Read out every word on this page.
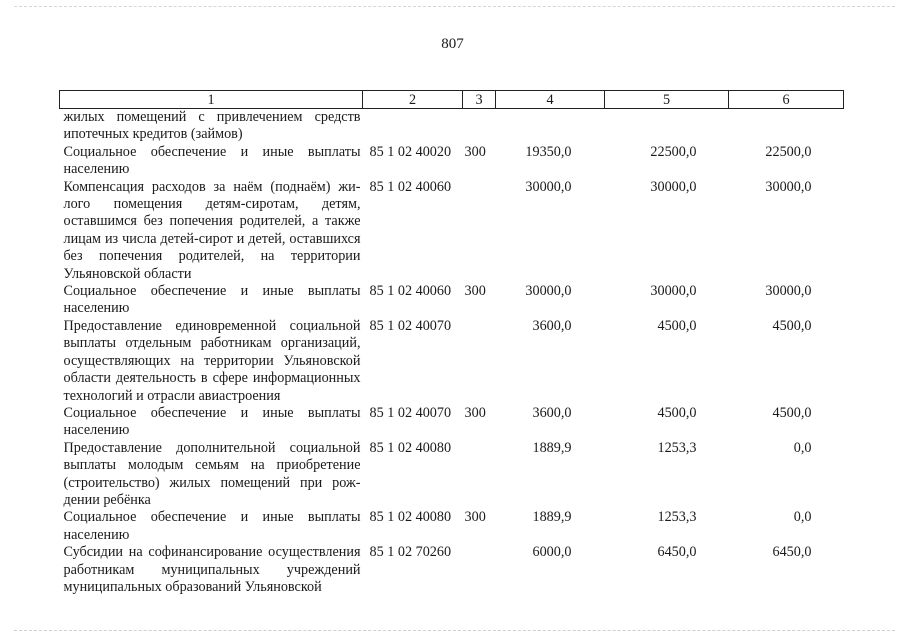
807
1	2	3	4	5	6
жилых помещений с привлечением средств ипотечных кредитов (займов)					
Социальное обеспечение и иные выплаты населению	85 1 02 40020	300	19350,0	22500,0	22500,0
Компенсация расходов за наём (поднаём) жилого помещения детям-сиротам, детям, оставшимся без попечения родителей, а также лицам из числа детей-сирот и детей, оставшихся без попечения родителей, на территории Ульяновской области	85 1 02 40060		30000,0	30000,0	30000,0
Социальное обеспечение и иные выплаты населению	85 1 02 40060	300	30000,0	30000,0	30000,0
Предоставление единовременной социальной выплаты отдельным работникам организаций, осуществляющих на территории Ульяновской области деятельность в сфере информационных технологий и отрасли авиастроения	85 1 02 40070		3600,0	4500,0	4500,0
Социальное обеспечение и иные выплаты населению	85 1 02 40070	300	3600,0	4500,0	4500,0
Предоставление дополнительной социальной выплаты молодым семьям на приобретение (строительство) жилых помещений при рождении ребёнка	85 1 02 40080		1889,9	1253,3	0,0
Социальное обеспечение и иные выплаты населению	85 1 02 40080	300	1889,9	1253,3	0,0
Субсидии на софинансирование осуществления работникам муниципальных учреждений муниципальных образований Ульяновской	85 1 02 70260		6000,0	6450,0	6450,0
